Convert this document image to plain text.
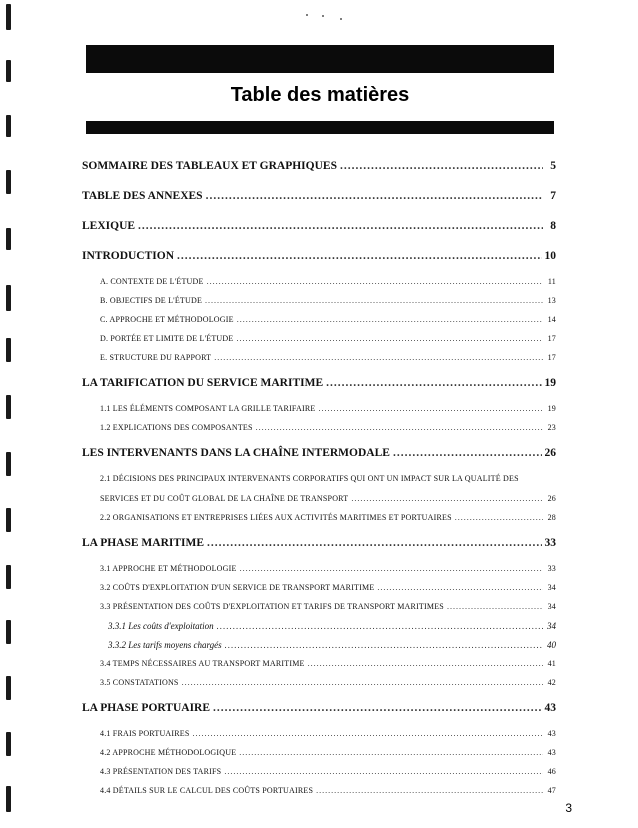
Table des matières
SOMMAIRE DES TABLEAUX ET GRAPHIQUES .....	5
TABLE DES ANNEXES .....	7
LEXIQUE .....	8
INTRODUCTION .....	10
A. CONTEXTE DE L'ÉTUDE .....	11
B. OBJECTIFS DE L'ÉTUDE .....	13
C. APPROCHE ET MÉTHODOLOGIE .....	14
D. PORTÉE ET LIMITE DE L'ÉTUDE .....	17
E. STRUCTURE DU RAPPORT .....	17
LA TARIFICATION DU SERVICE MARITIME .....	19
1.1 LES ÉLÉMENTS COMPOSANT LA GRILLE TARIFAIRE .....	19
1.2 EXPLICATIONS DES COMPOSANTES .....	23
LES INTERVENANTS DANS LA CHAÎNE INTERMODALE .....	26
2.1 DÉCISIONS DES PRINCIPAUX INTERVENANTS CORPORATIFS QUI ONT UN IMPACT SUR LA QUALITÉ DES
SERVICES ET DU COÛT GLOBAL DE LA CHAÎNE DE TRANSPORT .....	26
2.2 ORGANISATIONS ET ENTREPRISES LIÉES AUX ACTIVITÉS MARITIMES ET PORTUAIRES .....	28
LA PHASE MARITIME .....	33
3.1 APPROCHE ET MÉTHODOLOGIE .....	33
3.2 COÛTS D'EXPLOITATION D'UN SERVICE DE TRANSPORT MARITIME .....	34
3.3 PRÉSENTATION DES COÛTS D'EXPLOITATION ET TARIFS DE TRANSPORT MARITIMES .....	34
3.3.1 Les coûts d'exploitation .....	34
3.3.2 Les tarifs moyens chargés .....	40
3.4 TEMPS NÉCESSAIRES AU TRANSPORT MARITIME .....	41
3.5 CONSTATATIONS .....	42
LA PHASE PORTUAIRE .....	43
4.1 FRAIS PORTUAIRES .....	43
4.2 APPROCHE MÉTHODOLOGIQUE .....	43
4.3 PRÉSENTATION DES TARIFS .....	46
4.4 DÉTAILS SUR LE CALCUL DES COÛTS PORTUAIRES .....	47
3
